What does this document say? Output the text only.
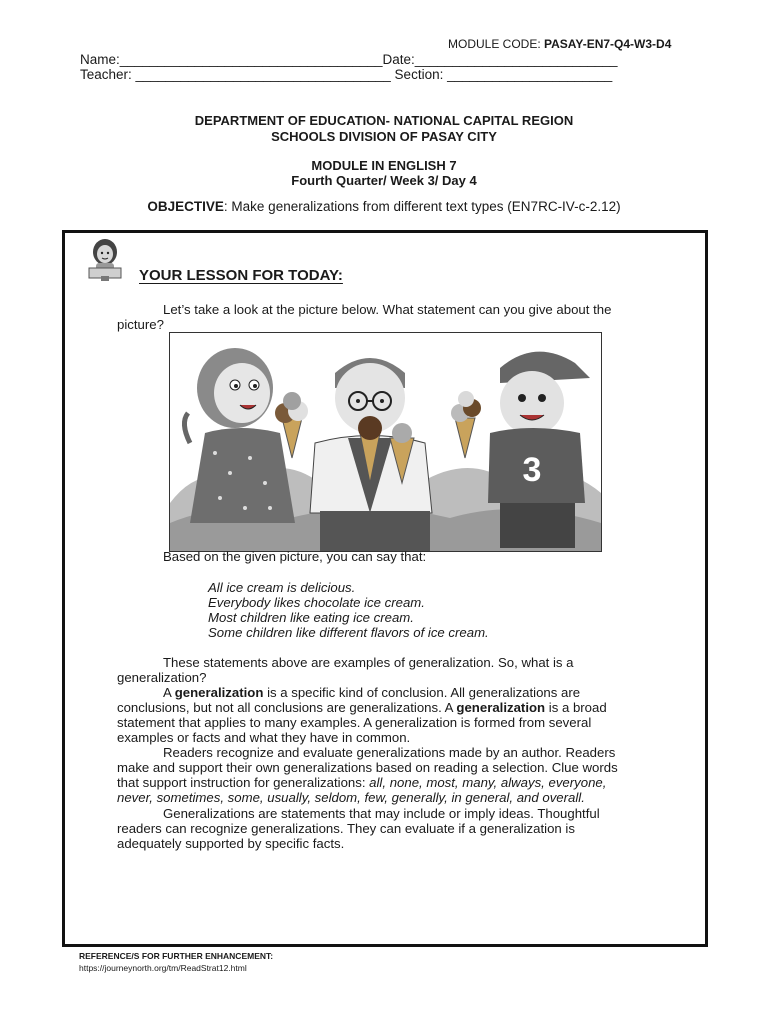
MODULE CODE: PASAY-EN7-Q4-W3-D4
Name:___________________________________Date:___________________________
Teacher: __________________________________ Section: ______________________
DEPARTMENT OF EDUCATION- NATIONAL CAPITAL REGION
SCHOOLS DIVISION OF PASAY CITY
MODULE IN ENGLISH 7
Fourth Quarter/ Week 3/ Day 4
OBJECTIVE: Make generalizations from different text types (EN7RC-IV-c-2.12)
YOUR LESSON FOR TODAY:
Let’s take a look at the picture below. What statement can you give about the
picture?
3
Based on the given picture, you can say that:
All ice cream is delicious.
Everybody likes chocolate ice cream.
Most children like eating ice cream.
Some children like different flavors of ice cream.
These statements above are examples of generalization. So, what is a
generalization?
A generalization is a specific kind of conclusion. All generalizations are
conclusions, but not all conclusions are generalizations. A generalization is a broad
statement that applies to many examples. A generalization is formed from several
examples or facts and what they have in common.
Readers recognize and evaluate generalizations made by an author. Readers
make and support their own generalizations based on reading a selection. Clue words
that support instruction for generalizations: all, none, most, many, always, everyone,
never, sometimes, some, usually, seldom, few, generally, in general, and overall.
Generalizations are statements that may include or imply ideas. Thoughtful
readers can recognize generalizations. They can evaluate if a generalization is
adequately supported by specific facts.
REFERENCE/S FOR FURTHER ENHANCEMENT:
https://journeynorth.org/tm/ReadStrat12.html
